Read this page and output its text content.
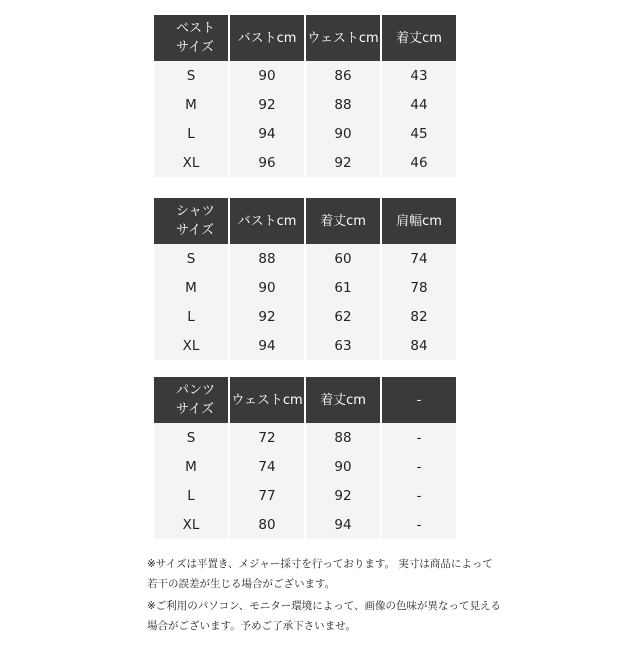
ベスト
サイズ	バストcm	ウェストcm	着丈cm
S	90	86	43
M	92	88	44
L	94	90	45
XL	96	92	46
シャツ
サイズ	バストcm	着丈cm	肩幅cm
S	88	60	74
M	90	61	78
L	92	62	82
XL	94	63	84
パンツ
サイズ	ウェストcm	着丈cm	-
S	72	88	-
M	74	90	-
L	77	92	-
XL	80	94	-
※サイズは平置き、メジャー採寸を行っております。 実寸は商品によって
若干の誤差が生じる場合がございます。
※ご利用のパソコン、モニター環境によって、画像の色味が異なって見える
場合がございます。予めご了承下さいませ。
